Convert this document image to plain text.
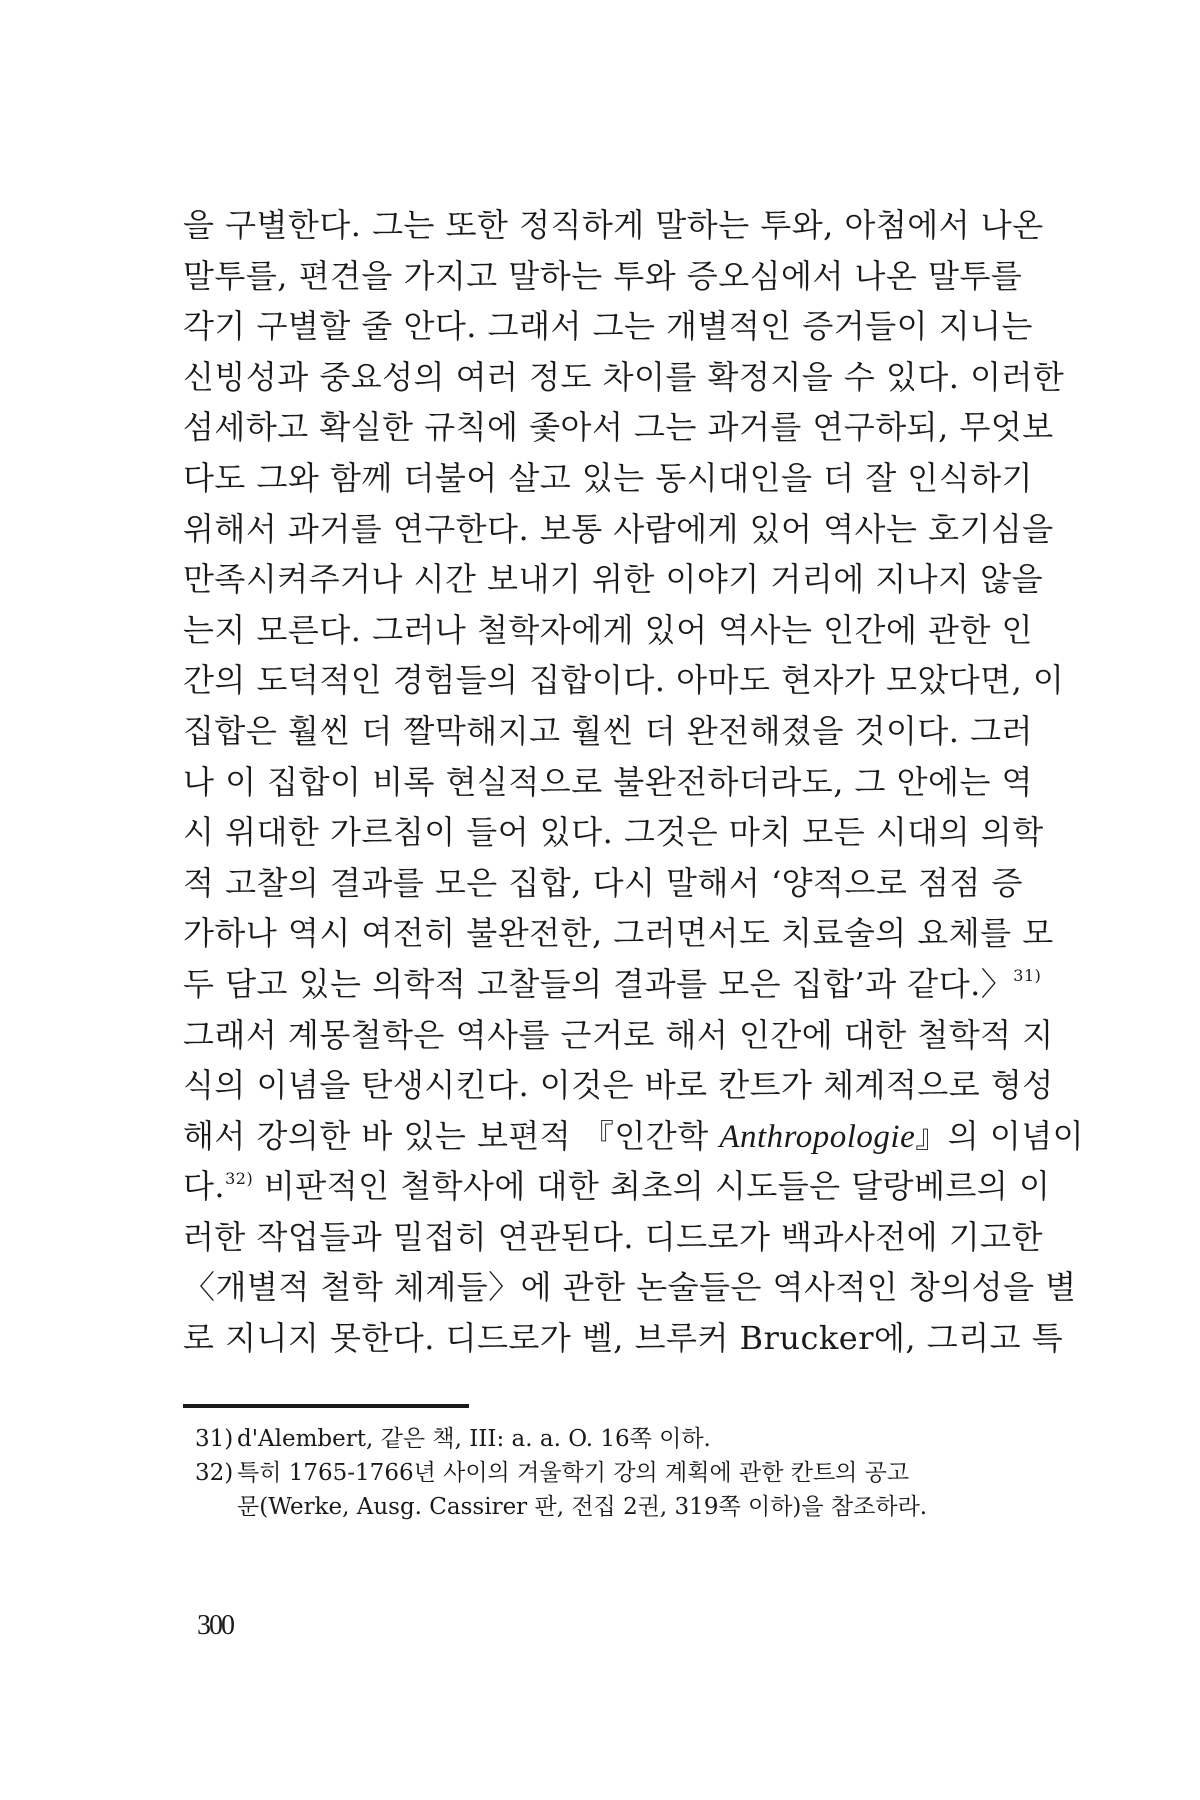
을 구별한다. 그는 또한 정직하게 말하는 투와, 아첨에서 나온
말투를, 편견을 가지고 말하는 투와 증오심에서 나온 말투를
각기 구별할 줄 안다. 그래서 그는 개별적인 증거들이 지니는
신빙성과 중요성의 여러 정도 차이를 확정지을 수 있다. 이러한
섬세하고 확실한 규칙에 좇아서 그는 과거를 연구하되, 무엇보
다도 그와 함께 더불어 살고 있는 동시대인을 더 잘 인식하기
위해서 과거를 연구한다. 보통 사람에게 있어 역사는 호기심을
만족시켜주거나 시간 보내기 위한 이야기 거리에 지나지 않을
는지 모른다. 그러나 철학자에게 있어 역사는 인간에 관한 인
간의 도덕적인 경험들의 집합이다. 아마도 현자가 모았다면, 이
집합은 훨씬 더 짤막해지고 훨씬 더 완전해졌을 것이다. 그러
나 이 집합이 비록 현실적으로 불완전하더라도, 그 안에는 역
시 위대한 가르침이 들어 있다. 그것은 마치 모든 시대의 의학
적 고찰의 결과를 모은 집합, 다시 말해서 ‘양적으로 점점 증
가하나 역시 여전히 불완전한, 그러면서도 치료술의 요체를 모
두 담고 있는 의학적 고찰들의 결과를 모은 집합’과 같다.〉$^{31)}$
그래서 계몽철학은 역사를 근거로 해서 인간에 대한 철학적 지
식의 이념을 탄생시킨다. 이것은 바로 칸트가 체계적으로 형성
해서 강의한 바 있는 보편적 『인간학 Anthropologie』의 이념이
다.$^{32)}$ 비판적인 철학사에 대한 최초의 시도들은 달랑베르의 이
러한 작업들과 밀접히 연관된다. 디드로가 백과사전에 기고한
〈개별적 철학 체계들〉에 관한 논술들은 역사적인 창의성을 별
로 지니지 못한다. 디드로가 벨, 브루커 Brucker에, 그리고 특
31) d'Alembert, 같은 책, III: a. a. O. 16쪽 이하.
32) 특히 1765-1766년 사이의 겨울학기 강의 계획에 관한 칸트의 공고
문(Werke, Ausg. Cassirer 판, 전집 2권, 319쪽 이하)을 참조하라.
300
